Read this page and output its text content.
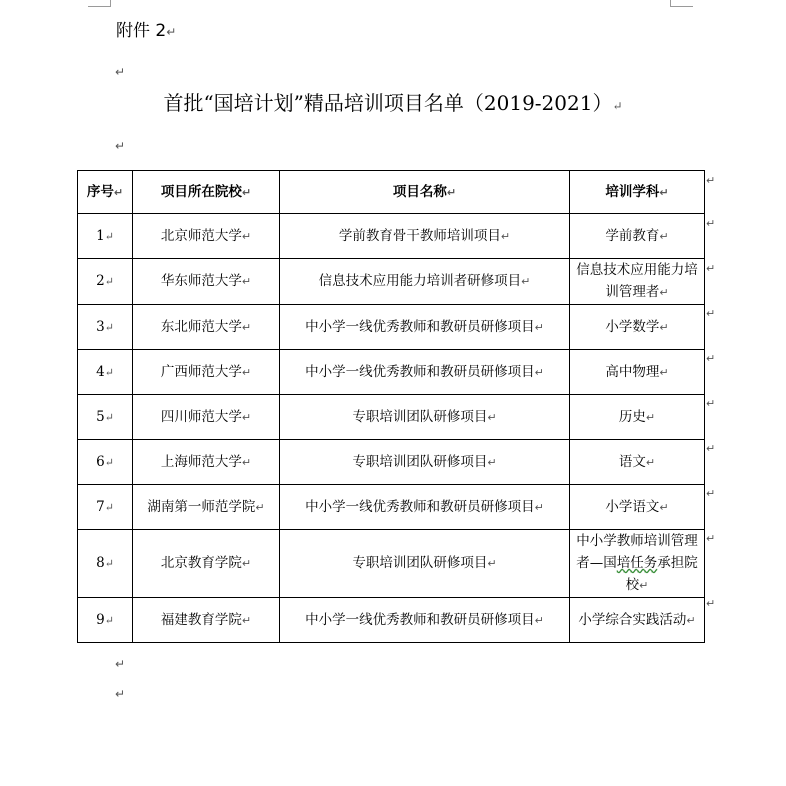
附件 2↵
↵
首批“国培计划”精品培训项目名单（2019-2021）↵
↵
序号↵	项目所在院校↵	项目名称↵	培训学科↵
1↵	北京师范大学↵	学前教育骨干教师培训项目↵	学前教育↵
2↵	华东师范大学↵	信息技术应用能力培训者研修项目↵	信息技术应用能力培训管理者↵
3↵	东北师范大学↵	中小学一线优秀教师和教研员研修项目↵	小学数学↵
4↵	广西师范大学↵	中小学一线优秀教师和教研员研修项目↵	高中物理↵
5↵	四川师范大学↵	专职培训团队研修项目↵	历史↵
6↵	上海师范大学↵	专职培训团队研修项目↵	语文↵
7↵	湖南第一师范学院↵	中小学一线优秀教师和教研员研修项目↵	小学语文↵
8↵	北京教育学院↵	专职培训团队研修项目↵	中小学教师培训管理者—国培任务承担院校↵
9↵	福建教育学院↵	中小学一线优秀教师和教研员研修项目↵	小学综合实践活动↵
↵
↵
↵
↵
↵
↵
↵
↵
↵
↵
↵
↵
